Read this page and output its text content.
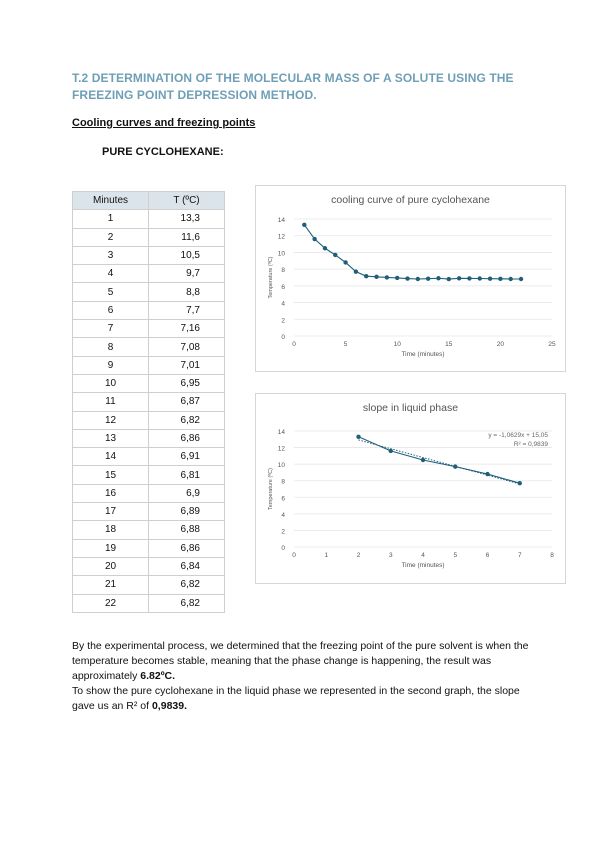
T.2 DETERMINATION OF THE MOLECULAR MASS OF A SOLUTE USING THE FREEZING POINT DEPRESSION METHOD.
Cooling curves and freezing points
PURE CYCLOHEXANE:
Minutes	T (ºC)
1	13,3
2	11,6
3	10,5
4	9,7
5	8,8
6	7,7
7	7,16
8	7,08
9	7,01
10	6,95
11	6,87
12	6,82
13	6,86
14	6,91
15	6,81
16	6,9
17	6,89
18	6,88
19	6,86
20	6,84
21	6,82
22	6,82
cooling curve of pure cyclohexane
0
2
4
6
8
10
12
14
0	5	10	15	20	25
Time (minutes)
Temperature (ºC)
slope in liquid phase
0
2
4
6
8
10
12
14
0	1	2	3	4	5	6	7	8
Time (minutes)
Temperature (ºC)
y = -1,0629x + 15,05
R² = 0,9839

By the experimental process, we determined that the freezing point of the pure solvent is when the temperature becomes stable, meaning that the phase change is happening, the result was approximately 6.82ºC.

To show the pure cyclohexane in the liquid phase we represented in the second graph, the slope gave us an R² of 0,9839.
